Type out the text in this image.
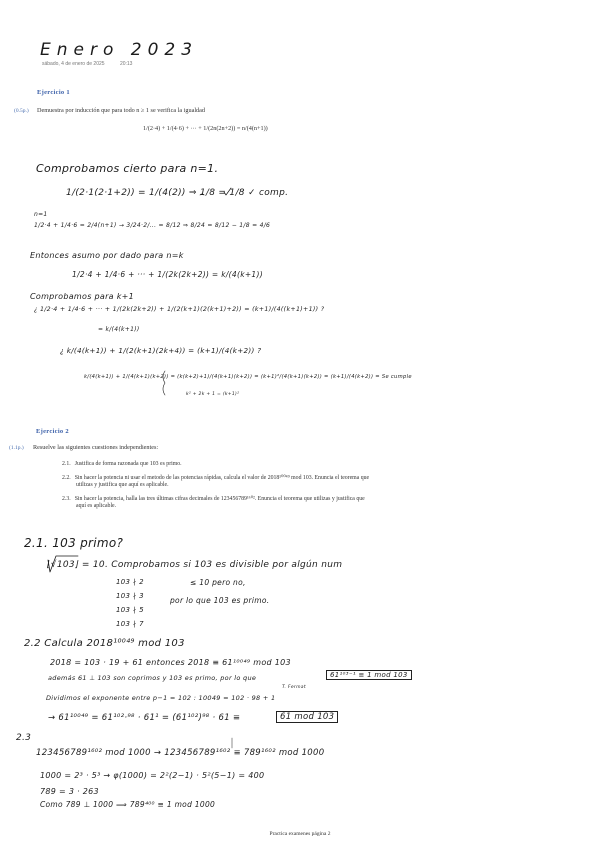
Enero 2023
sábado, 4 de enero de 2025	20:13
Ejercicio 1
(0.5p.) Demuestra por inducción que para todo n ≥ 1 se verifica la igualdad
1/(2·4) + 1/(4·6) + ··· + 1/(2n(2n+2)) = n/(4(n+1))
Comprobamos cierto para n=1.
1/(2·1(2·1+2)) = 1/(4(2)) ⇒ 1/8 = 1/8 ✓ comp.
n=1
1/2·4 + 1/4·6 = 2/4(n+1) → 3/24·2/... = 8/12 ⇒ 8/24 = 8/12 − 1/8 = 4/6
Entonces asumo por dado para n=k
1/2·4 + 1/4·6 + ··· + 1/(2k(2k+2)) = k/(4(k+1))
Comprobamos para k+1
¿ 1/2·4 + 1/4·6 + ··· + 1/(2k(2k+2)) + 1/(2(k+1)(2(k+1)+2)) = (k+1)/(4((k+1)+1)) ?
= k/(4(k+1))
¿ k/(4(k+1)) + 1/(2(k+1)(2k+4)) = (k+1)/(4(k+2)) ?
k/(4(k+1)) + 1/(4(k+1)(k+2)) = (k(k+2)+1)/(4(k+1)(k+2)) = (k+1)²/(4(k+1)(k+2)) = (k+1)/(4(k+2)) = Se cumple
k² + 2k + 1 = (k+1)²
Ejercicio 2
(1.1p.) Resuelve las siguientes cuestiones independientes:
2.1. Justifica de forma razonada que 103 es primo.
2.2. Sin hacer la potencia ni usar el metodo de las potencias rápidas, calcula el valor de 2018¹⁰⁰⁴⁹ mod 103. Enuncia el teorema que utilizas y justifica que aquí es aplicable.
2.3. Sin hacer la potencia, halla las tres últimas cifras decimales de 123456789¹⁶⁰². Enuncia el teorema que utilizas y justifica que aquí es aplicable.
2.1. 103 primo?
⌊√103⌋ = 10. Comprobamos si 103 es divisible por algún num
103 ∤ 2	≤ 10 pero no,
103 ∤ 3	por lo que 103 es primo.
103 ∤ 5
103 ∤ 7
2.2 Calcula 2018¹⁰⁰⁴⁹ mod 103
2018 = 103 · 19 + 61 entonces 2018 ≡ 61¹⁰⁰⁴⁹ mod 103
además 61 ⊥ 103 son coprimos y 103 es primo, por lo que	61¹⁰³⁻¹ ≡ 1 mod 103
T. Fermat
Dividimos el exponente entre p−1 = 102 : 10049 = 102 · 98 + 1
→ 61¹⁰⁰⁴⁹ = 61¹⁰²·⁹⁸ · 61¹ = (61¹⁰²)⁹⁸ · 61 ≡	61 mod 103
2.3
123456789¹⁶⁰² mod 1000 → 123456789¹⁶⁰² ≡ 789¹⁶⁰² mod 1000
1000 = 2³ · 5³ → φ(1000) = 2²(2−1) · 5²(5−1) = 400
789 = 3 · 263
Como 789 ⊥ 1000 ⟹ 789⁴⁰⁰ ≡ 1 mod 1000
Practica examenes página 2
